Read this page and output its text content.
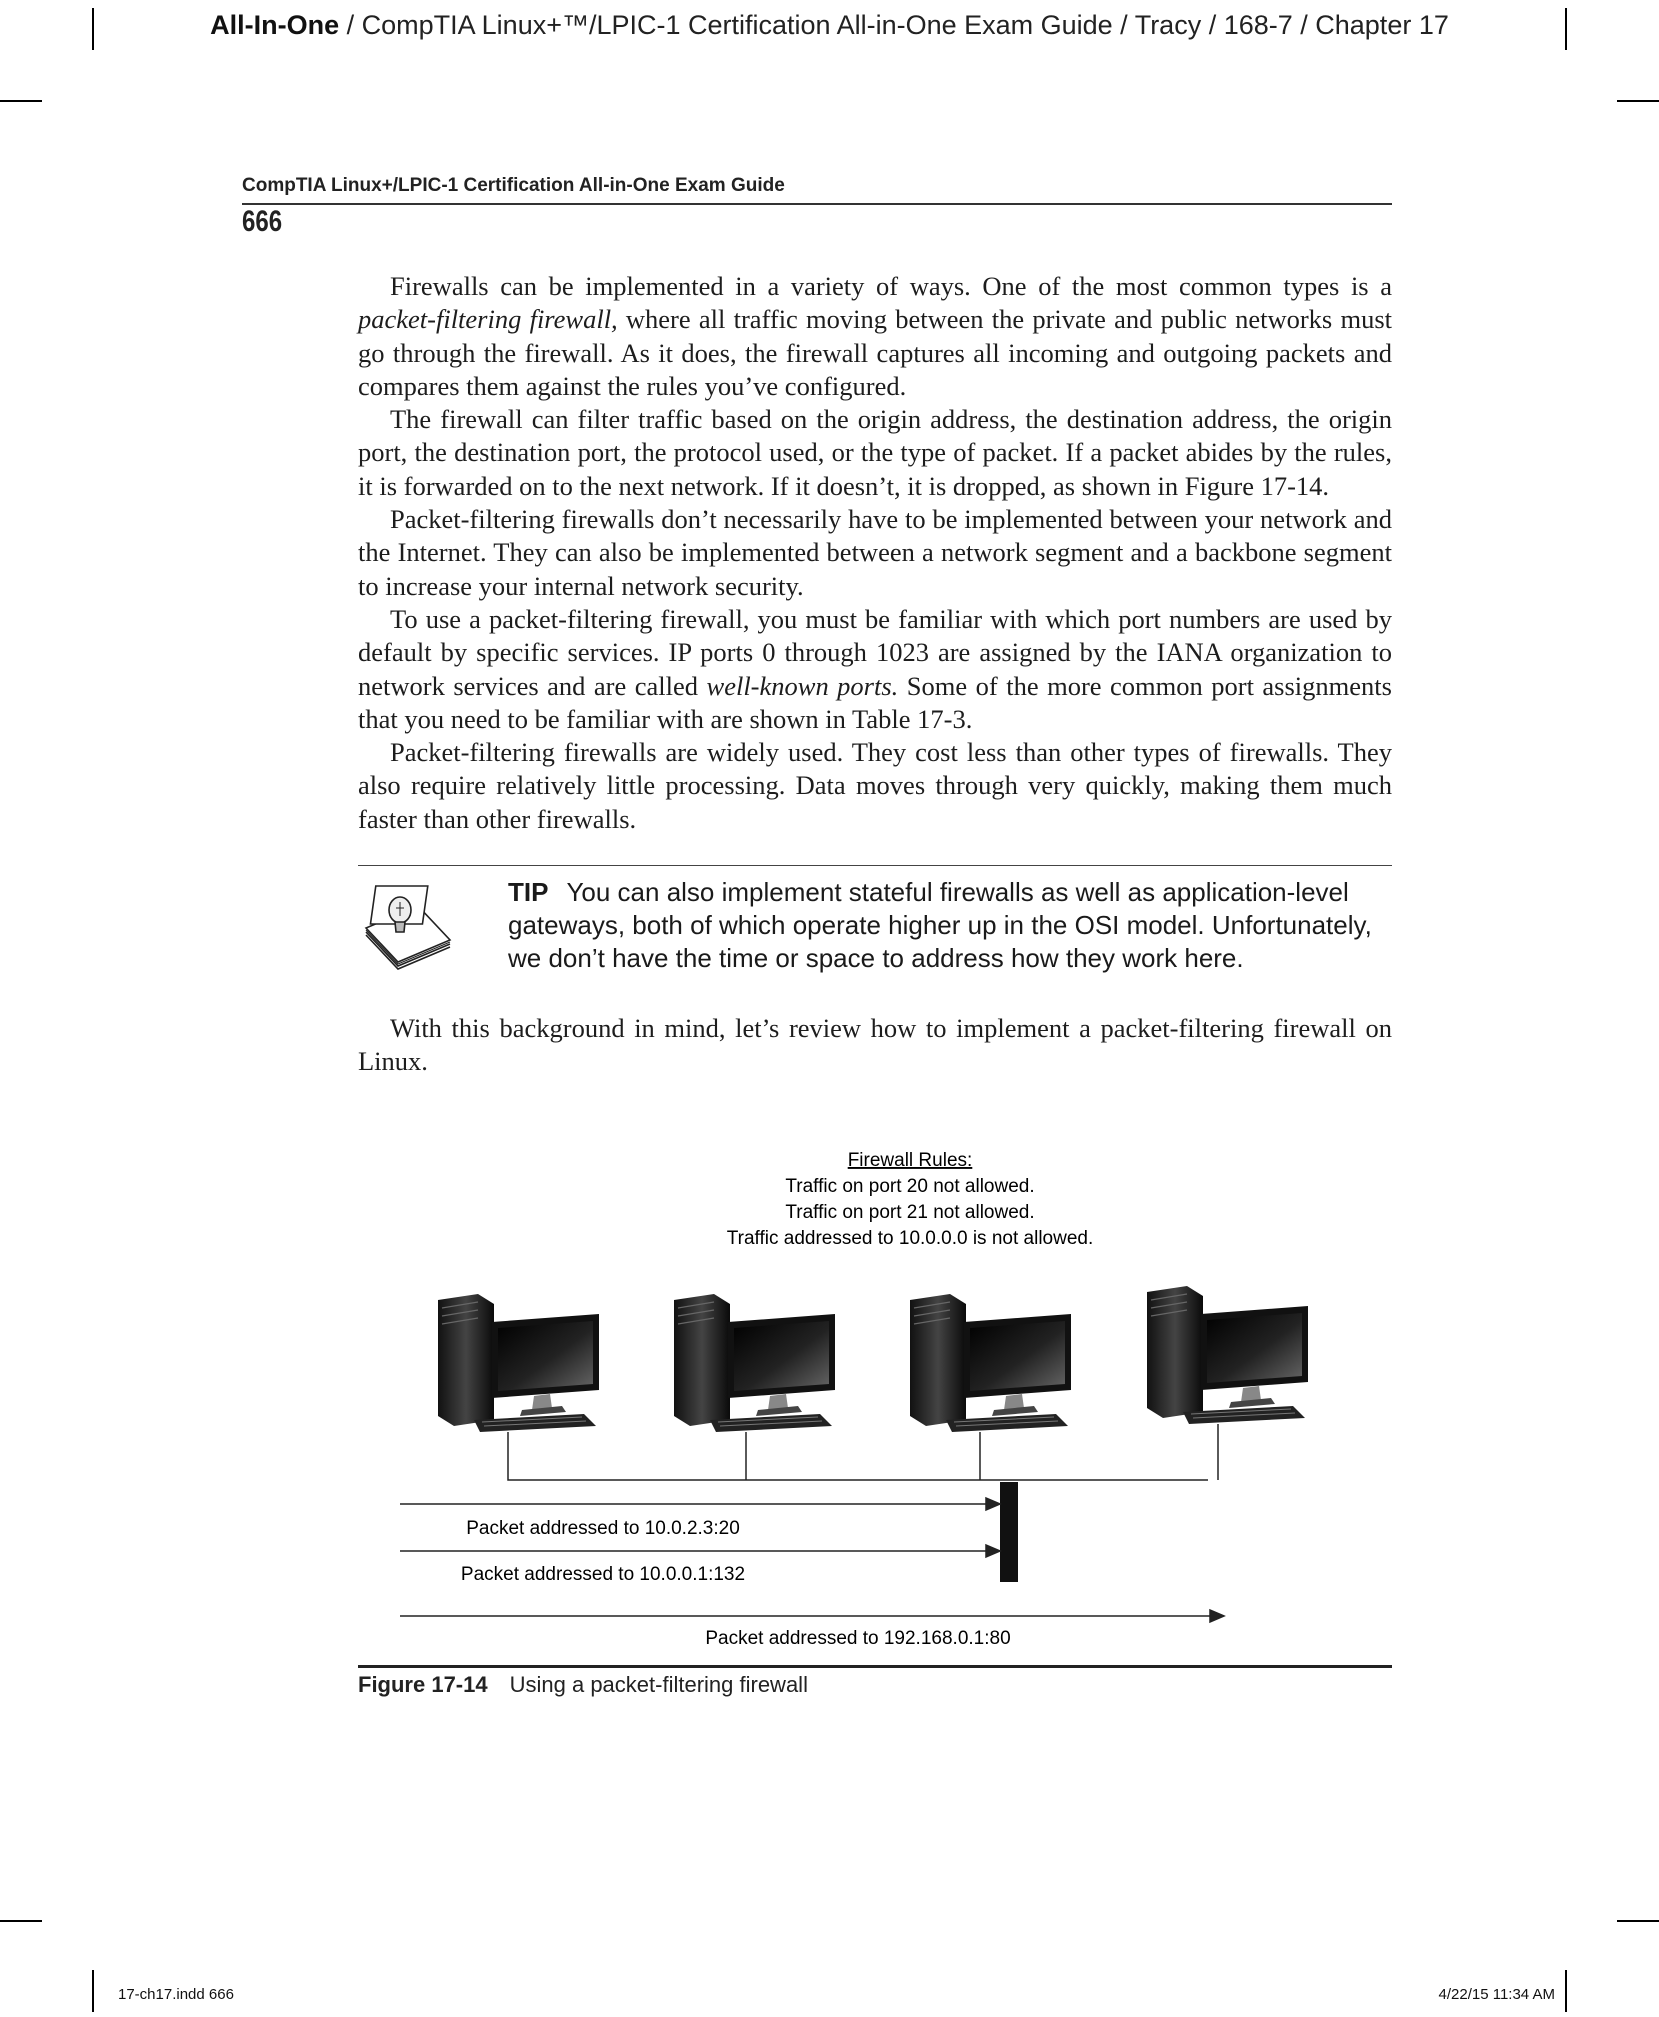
All-In-One / CompTIA Linux+™/LPIC-1 Certification All-in-One Exam Guide / Tracy / 168-7 / Chapter 17
CompTIA Linux+/LPIC-1 Certification All-in-One Exam Guide
666

Firewalls can be implemented in a variety of ways. One of the most common types is a packet-filtering firewall, where all traffic moving between the private and public networks must go through the firewall. As it does, the firewall captures all incoming and outgoing packets and compares them against the rules you’ve configured.

The firewall can filter traffic based on the origin address, the destination address, the origin port, the destination port, the protocol used, or the type of packet. If a packet abides by the rules, it is forwarded on to the next network. If it doesn’t, it is dropped, as shown in Figure 17-14.

Packet-filtering firewalls don’t necessarily have to be implemented between your network and the Internet. They can also be implemented between a network segment and a backbone segment to increase your internal network security.

To use a packet-filtering firewall, you must be familiar with which port numbers are used by default by specific services. IP ports 0 through 1023 are assigned by the IANA organization to network services and are called well-known ports. Some of the more common port assignments that you need to be familiar with are shown in Table 17-3.

Packet-filtering firewalls are widely used. They cost less than other types of firewalls. They also require relatively little processing. Data moves through very quickly, making them much faster than other firewalls.

TIP You can also implement stateful firewalls as well as application-level gateways, both of which operate higher up in the OSI model. Unfortunately, we don’t have the time or space to address how they work here.

With this background in mind, let’s review how to implement a packet-filtering firewall on Linux.

Firewall Rules:
Traffic on port 20 not allowed.
Traffic on port 21 not allowed.
Traffic addressed to 10.0.0.0 is not allowed.
Packet addressed to 10.0.2.3:20
Packet addressed to 10.0.0.1:132
Packet addressed to 192.168.0.1:80
Figure 17-14 Using a packet-filtering firewall
17-ch17.indd 666	4/22/15 11:34 AM
